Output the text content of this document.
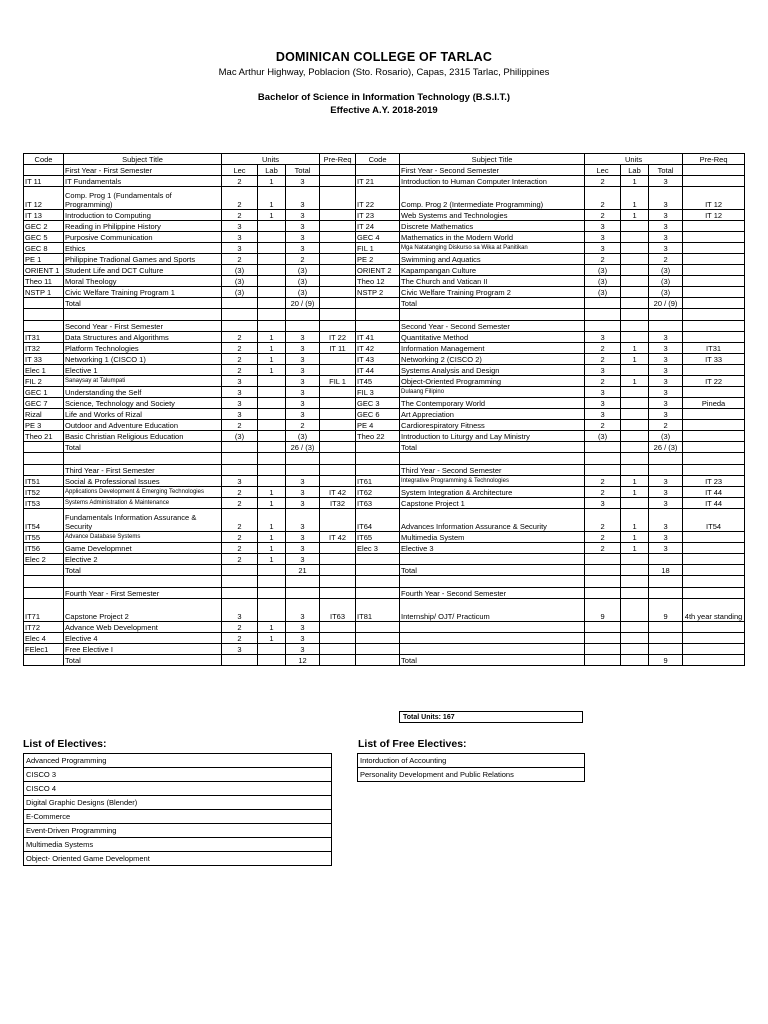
DOMINICAN COLLEGE OF TARLAC
Mac Arthur Highway, Poblacion (Sto. Rosario), Capas, 2315 Tarlac, Philippines
Bachelor of Science in Information Technology (B.S.I.T.)
Effective A.Y. 2018-2019
Code	Subject Title	Units			Pre-Req	Code	Subject Title	Units			Pre-Req
	First Year - First Semester	Lec	Lab	Total			First Year - Second Semester	Lec	Lab	Total	
IT 11	IT Fundamentals	2	1	3		IT 21	Introduction to Human Computer Interaction	2	1	3	
IT 12	Comp. Prog 1 (Fundamentals of Programming)	2	1	3		IT 22	Comp. Prog 2 (Intermediate Programming)	2	1	3	IT 12
IT 13	Introduction to Computing	2	1	3		IT 23	Web Systems and Technologies	2	1	3	IT 12
GEC 2	Reading in Philippine History	3		3		IT 24	Discrete Mathematics	3		3	
GEC 5	Purposive Communication	3		3		GEC 4	Mathematics in the Modern World	3		3	
GEC 8	Ethics	3		3		FIL 1	Mga Natatanging Diskurso sa Wika at Panitikan	3		3	
PE 1	Philippine Tradional Games and Sports	2		2		PE 2	Swimming and Aquatics	2		2	
ORIENT 1	Student Life and DCT Culture	(3)		(3)		ORIENT 2	Kapampangan Culture	(3)		(3)	
Theo 11	Moral Theology	(3)		(3)		Theo 12	The Church and Vatican II	(3)		(3)	
NSTP 1	Civic Welfare Training Program 1	(3)		(3)		NSTP 2	Civic Welfare Training Program 2	(3)		(3)	
	Total			20 / (9)			Total			20 / (9)	

	Second Year - First Semester						Second Year - Second Semester				
IT31	Data Structures and Algorithms	2	1	3	IT 22	IT 41	Quantitative Method	3		3	
IT32	Platform Technologies	2	1	3	IT 11	IT 42	Information Management	2	1	3	IT31
IT 33	Networking 1 (CISCO 1)	2	1	3		IT 43	Networking 2 (CISCO 2)	2	1	3	IT 33
Elec 1	Elective 1	2	1	3		IT 44	Systems Analysis and Design	3		3	
FIL 2	Sanaysay at Talumpati	3		3	FIL 1	IT45	Object-Oriented Programming	2	1	3	IT 22
GEC 1	Understanding the Self	3		3		FIL 3	Dulaang Filipino	3		3	
GEC 7	Science, Technology and Society	3		3		GEC 3	The Contemporary World	3		3	Pineda
Rizal	Life and Works of Rizal	3		3		GEC 6	Art Appreciation	3		3	
PE 3	Outdoor and Adventure Education	2		2		PE 4	Cardiorespiratory Fitness	2		2	
Theo 21	Basic Christian Religious Education	(3)		(3)		Theo 22	Introduction to Liturgy and Lay Ministry	(3)		(3)	
	Total			26 / (3)			Total			26 / (3)	

	Third Year - First Semester						Third Year - Second Semester				
IT51	Social & Professional Issues	3		3		IT61	Integrative Programming & Technologies	2	1	3	IT 23
IT52	Applications Development & Emerging Technologies	2	1	3	IT 42	IT62	System Integration & Architecture	2	1	3	IT 44
IT53	Systems Administration & Maintenance	2	1	3	IT32	IT63	Capstone Project 1	3		3	IT 44
IT54	Fundamentals Information Assurance & Security	2	1	3		IT64	Advances Information Assurance & Security	2	1	3	IT54
IT55	Advance Database Systems	2	1	3	IT 42	IT65	Multimedia System	2	1	3	
IT56	Game Developmnet	2	1	3		Elec 3	Elective 3	2	1	3	
Elec 2	Elective 2	2	1	3							
	Total			21			Total			18	

	Fourth Year - First Semester						Fourth Year - Second Semester				
IT71	Capstone Project 2	3		3	IT63	IT81	Internship/ OJT/ Practicum	9		9	4th year standing
IT72	Advance Web Development	2	1	3							
Elec 4	Elective 4	2	1	3							
FElec1	Free Elective I	3		3							
	Total			12			Total			9	
Total Units: 167
List of Electives:
Advanced Programming
CISCO 3
CISCO 4
Digital Graphic Designs (Blender)
E-Commerce
Event-Driven Programming
Multimedia Systems
Object- Oriented Game Development
List of Free Electives:
Intorduction of Accounting
Personality Development and Public Relations
